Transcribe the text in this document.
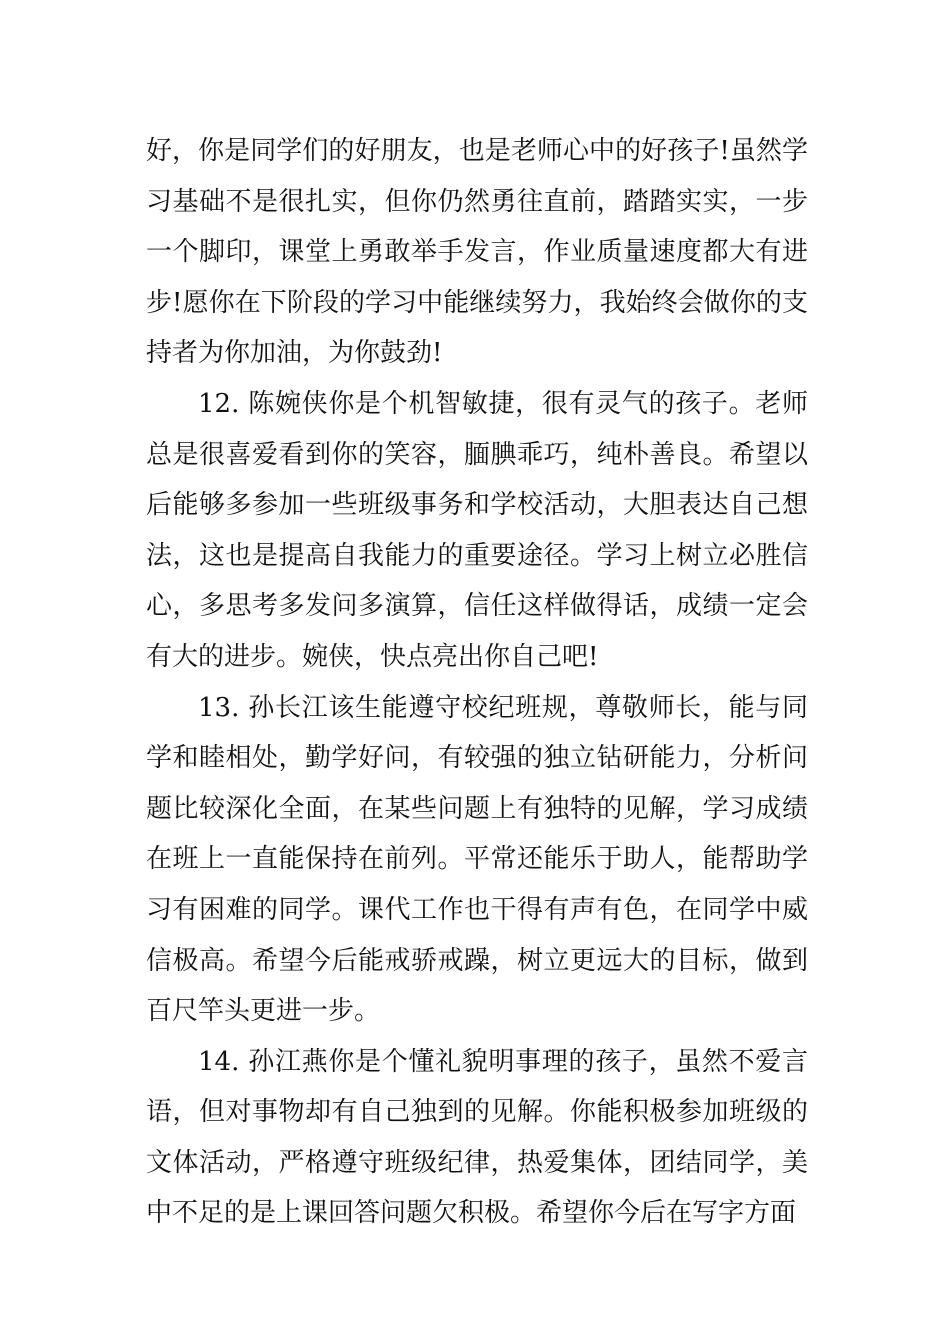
好，你是同学们的好朋友，也是老师心中的好孩子!虽然学习基础不是很扎实，但你仍然勇往直前，踏踏实实，一步一个脚印，课堂上勇敢举手发言，作业质量速度都大有进步!愿你在下阶段的学习中能继续努力，我始终会做你的支持者为你加油，为你鼓劲!

12. 陈婉侠你是个机智敏捷，很有灵气的孩子。老师总是很喜爱看到你的笑容，腼腆乖巧，纯朴善良。希望以后能够多参加一些班级事务和学校活动，大胆表达自己想法，这也是提高自我能力的重要途径。学习上树立必胜信心，多思考多发问多演算，信任这样做得话，成绩一定会有大的进步。婉侠，快点亮出你自己吧!

13. 孙长江该生能遵守校纪班规，尊敬师长，能与同学和睦相处，勤学好问，有较强的独立钻研能力，分析问题比较深化全面，在某些问题上有独特的见解，学习成绩在班上一直能保持在前列。平常还能乐于助人，能帮助学习有困难的同学。课代工作也干得有声有色，在同学中威信极高。希望今后能戒骄戒躁，树立更远大的目标，做到百尺竿头更进一步。

14. 孙江燕你是个懂礼貌明事理的孩子，虽然不爱言语，但对事物却有自己独到的见解。你能积极参加班级的文体活动，严格遵守班级纪律，热爱集体，团结同学，美中不足的是上课回答问题欠积极。希望你今后在写字方面
